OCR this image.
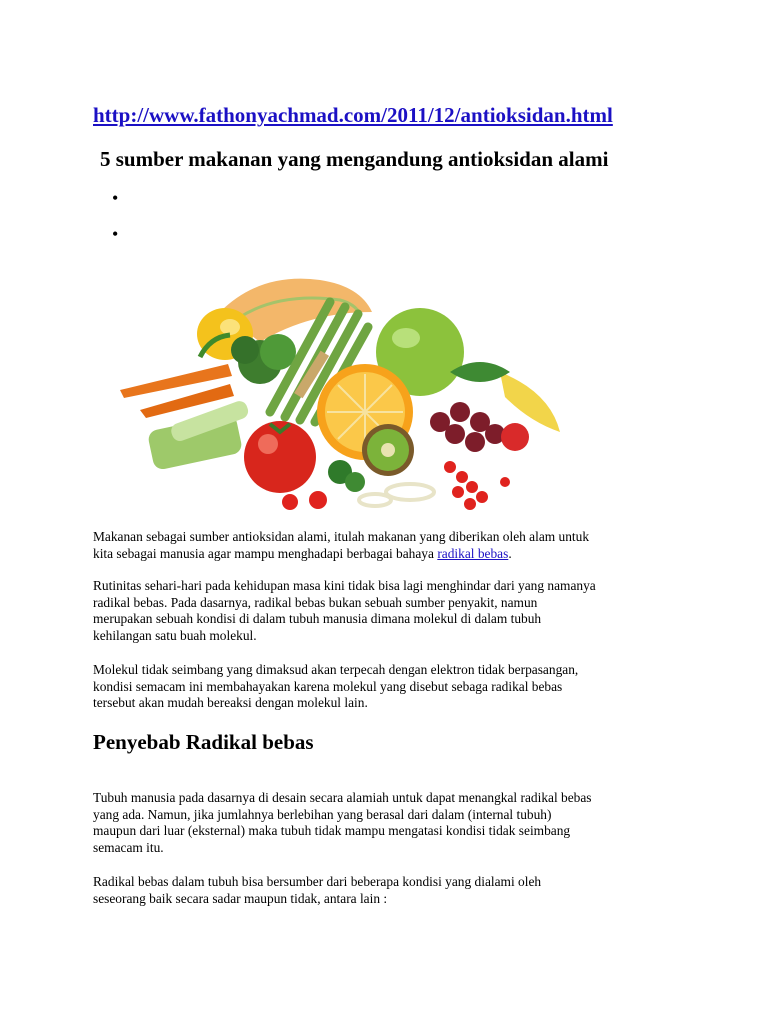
http://www.fathonyachmad.com/2011/12/antioksidan.html
5 sumber makanan yang mengandung antioksidan alami
•
•

Makanan sebagai sumber antioksidan alami, itulah makanan yang diberikan oleh alam untuk
kita sebagai manusia agar mampu menghadapi berbagai bahaya radikal bebas.

Rutinitas sehari-hari pada kehidupan masa kini tidak bisa lagi menghindar dari yang namanya
radikal bebas. Pada dasarnya, radikal bebas bukan sebuah sumber penyakit, namun
merupakan sebuah kondisi di dalam tubuh manusia dimana molekul di dalam tubuh
kehilangan satu buah molekul.

Molekul tidak seimbang yang dimaksud akan terpecah dengan elektron tidak berpasangan,
kondisi semacam ini membahayakan karena molekul yang disebut sebaga radikal bebas
tersebut akan mudah bereaksi dengan molekul lain.

Penyebab Radikal bebas

Tubuh manusia pada dasarnya di desain secara alamiah untuk dapat menangkal radikal bebas
yang ada. Namun, jika jumlahnya berlebihan yang berasal dari dalam (internal tubuh)
maupun dari luar (eksternal) maka tubuh tidak mampu mengatasi kondisi tidak seimbang
semacam itu.

Radikal bebas dalam tubuh bisa bersumber dari beberapa kondisi yang dialami oleh
seseorang baik secara sadar maupun tidak, antara lain :
